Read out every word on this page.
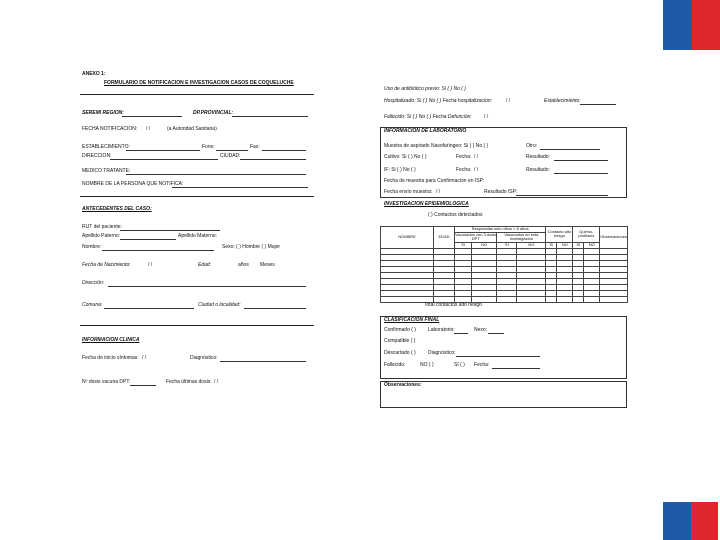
ANEXO 1:
FORMULARIO DE NOTIFICACION E INVESTIGACION CASOS DE COQUELUCHE
SEREMI REGION:	DP.PROVINCIAL:
FECHA NOTIFICACION: / /	(a Autoridad Sanitaria)
ESTABLECIMIENTO:	Fono:	Fax:
DIRECCION:	CIUDAD:
MEDICO TRATANTE:
NOMBRE DE LA PERSONA QUE NOTIFICA:
ANTECEDENTES DEL CASO:
RUT del paciente:
Apellido Paterno:	Apellido Materno:
Nombre:	Sexo: ( ) Hombre ( ) Mujer
Fecha de Nacimiento:	/ /	Edad:	años Meses
Dirección:
Comuna:	Ciudad o localidad:
INFORMACION CLINICA
Fecha de inicio síntomas: / /	Diagnóstico:
Nº dosis vacuna DPT:	Fecha últimas dosis: / /
Uso de antibiótico previo: Si ( ) No ( )
Hospitalizado: Si ( ) No ( ) Fecha hospitalizacion:	/ /	Establecimiento:
Fallecido: Si ( ) No ( ) Fecha Defunción: / /
INFORMACION DE LABORATORIO
Muestra de aspirado Nasofaríngeo: Si ( ) No ( )	Otro:
Cultivo: Si ( ) No ( )	Fecha: / /	Resultado:
IF: Si ( ) No ( )	Fecha: / /	Resultado:
Fecha de muestra para Confirmación en ISP:
Fecha envío muestra: / /	Resultado ISP:
INVESTIGACION EPIDEMIOLOGICA
( ) Contactos detectados
NOMBRE	EDAD	Respuestas solo niños < 6 años				Contacto alto riesgo		Quimio-profilaxis		Observaciones
		Vacunados con 3 dosis DPT		Vacunados en esta investigación						
		SI	NO	SI	NO	SI	NO	SI	NO	

Total contactos alto riesgo
CLASIFICACION FINAL
Confirmado ( ) Laboratorio:	Nexo:
Compatible ( )
Descartado ( ) Diagnóstico:
Fallecido:	NO ( )	SI ( ) Fecha:
Observaciones:
